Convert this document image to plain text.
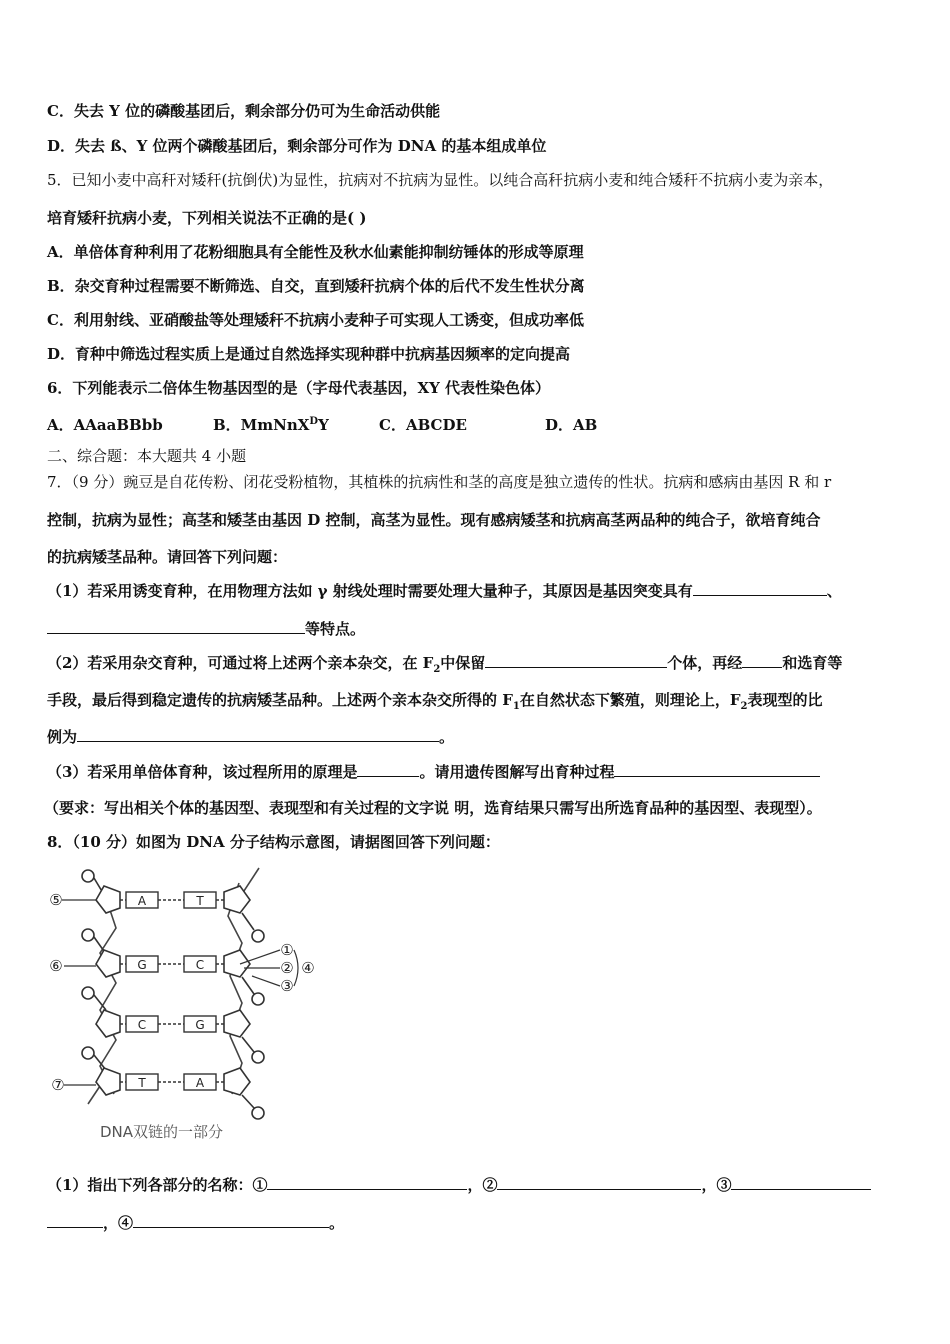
C．失去 Y 位的磷酸基团后，剩余部分仍可为生命活动供能
D．失去 ß、Y 位两个磷酸基团后，剩余部分可作为 DNA 的基本组成单位
5．已知小麦中高秆对矮秆(抗倒伏)为显性，抗病对不抗病为显性。以纯合高秆抗病小麦和纯合矮秆不抗病小麦为亲本，
培育矮秆抗病小麦，下列相关说法不正确的是( )
A．单倍体育种利用了花粉细胞具有全能性及秋水仙素能抑制纺锤体的形成等原理
B．杂交育种过程需要不断筛选、自交，直到矮秆抗病个体的后代不发生性状分离
C．利用射线、亚硝酸盐等处理矮秆不抗病小麦种子可实现人工诱变，但成功率低
D．育种中筛选过程实质上是通过自然选择实现种群中抗病基因频率的定向提高
6．下列能表示二倍体生物基因型的是（字母代表基因，XY 代表性染色体）
A．AAaaBBbb	B．MmNnX$^D$Y	C．ABCDE	D．AB
二、综合题：本大题共 4 小题
7．（9 分）豌豆是自花传粉、闭花受粉植物，其植株的抗病性和茎的高度是独立遗传的性状。抗病和感病由基因 R 和 r
控制，抗病为显性；高茎和矮茎由基因 D 控制，高茎为显性。现有感病矮茎和抗病高茎两品种的纯合子，欲培育纯合
的抗病矮茎品种。请回答下列问题：
（1）若采用诱变育种，在用物理方法如 γ 射线处理时需要处理大量种子，其原因是基因突变具有	、
等特点。
（2）若采用杂交育种，可通过将上述两个亲本杂交，在 $F_2$中保留	个体，再经	和选育等
手段，最后得到稳定遗传的抗病矮茎品种。上述两个亲本杂交所得的 $F_1$在自然状态下繁殖，则理论上，$F_2$表现型的比
例为	。
（3）若采用单倍体育种，该过程所用的原理是	。请用遗传图解写出育种过程
（要求：写出相关个体的基因型、表现型和有关过程的文字说 明，选育结果只需写出所选育品种的基因型、表现型）。
8．（10 分）如图为 DNA 分子结构示意图，请据图回答下列问题：
A	T
G	C
C	G
T	A
⑤
⑥
⑦
①
②
③
④
DNA双链的一部分
（1）指出下列各部分的名称：①	，②	，③
，④	。
